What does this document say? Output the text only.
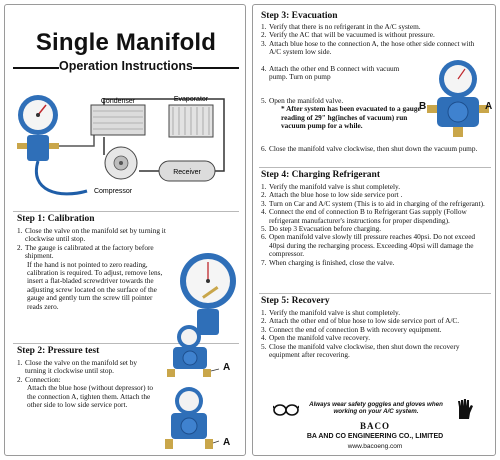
Single Manifold
Operation Instructions
Condenser	Evaporator
Receiver
Compressor
Step 1: Calibration
1. Close the valve on the manifold set by turning it clockwise until stop.
2. The gauge is calibrated at the factory before shipment.
If the hand is not pointed to zero reading, calibration is required. To adjust, remove lens, insert a flat-bladed screwdriver towards the adjusting screw located on the surface of the gauge and gently turn the screw till pointer reads zero.
Step 2: Pressure test
1. Close the valve on the manifold set by turning it clockwise until stop.
2. Connection:
Attach the blue hose (without depressor) to the connection A, tighten them. Attach the other side to low side service port.
A
A
Step 3: Evacuation
1. Verify that there is no refrigerant in the A/C system.
2. Verify the AC that will be vacuumed is without pressure.
3. Attach blue hose to the connection A, the hose other side connect with A/C system low side.
4. Attach the other end B connect with vacuum pump. Turn on pump
5. Open the manifold valve.
* After system has been evacuated to a gauge reading of 29" hg(inches of vacuum) run vacuum pump for a while.
6. Close the manifold valve clockwise, then shut down the vacuum pump.
B	A
Step 4: Charging Refrigerant
1. Verify the manifold valve is shut completely.
2. Attach the blue hose to low side service port .
3. Turn on Car and A/C system (This is to aid in charging of the refrigerant).
4. Connect the end of connection B to Refrigerant Gas supply (Follow refrigerant manufacturer's instructions for proper dispending).
5. Do step 3 Evacuation before charging.
6. Open manifold valve slowly till pressure reaches 40psi. Do not exceed 40psi during the recharging process. Exceeding 40psi will damage the compressor.
7. When charging is finished, close the valve.
Step 5: Recovery
1. Verify the manifold valve is shut completely.
2. Attach the other end of blue hose to low side service port of A/C.
3. Connect the end of connection B with recovery equipment.
4. Open the manifold valve recovery.
5. Close the manifold valve clockwise, then shut down the recovery equipment after recovering.
Always wear safety goggles and gloves when working on your A/C system.
BACO
BA AND CO ENGINEERING CO., LIMITED
www.bacoeng.com
